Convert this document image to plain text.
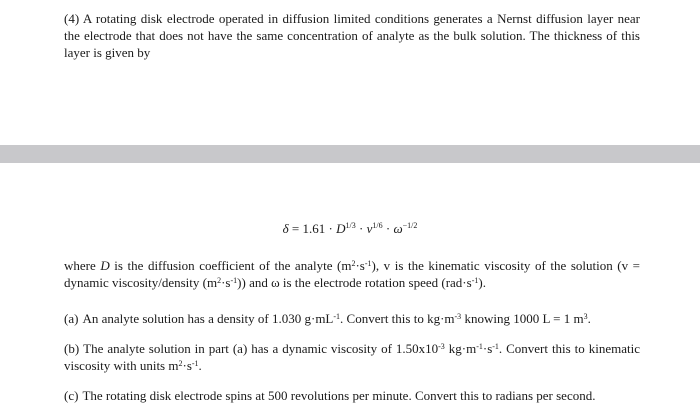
(4) A rotating disk electrode operated in diffusion limited conditions generates a Nernst diffusion layer near the electrode that does not have the same concentration of analyte as the bulk solution. The thickness of this layer is given by

$\delta = 1.61 \cdot D^{1/3} \cdot \nu^{1/6} \cdot \omega^{-1/2}$

where D is the diffusion coefficient of the analyte $(m^2\cdot s^{-1})$, v is the kinematic viscosity of the solution (v = dynamic viscosity/density $(m^2\cdot s^{-1})$) and ω is the electrode rotation speed $(rad\cdot s^{-1})$.

(a) An analyte solution has a density of 1.030 $g\cdot mL^{-1}$. Convert this to $kg\cdot m^{-3}$ knowing 1000 L = 1 $m^3$.

(b) The analyte solution in part (a) has a dynamic viscosity of $1.50x10^{-3}$ $kg\cdot m^{-1}\cdot s^{-1}$. Convert this to kinematic viscosity with units $m^2\cdot s^{-1}$.

(c) The rotating disk electrode spins at 500 revolutions per minute. Convert this to radians per second.
